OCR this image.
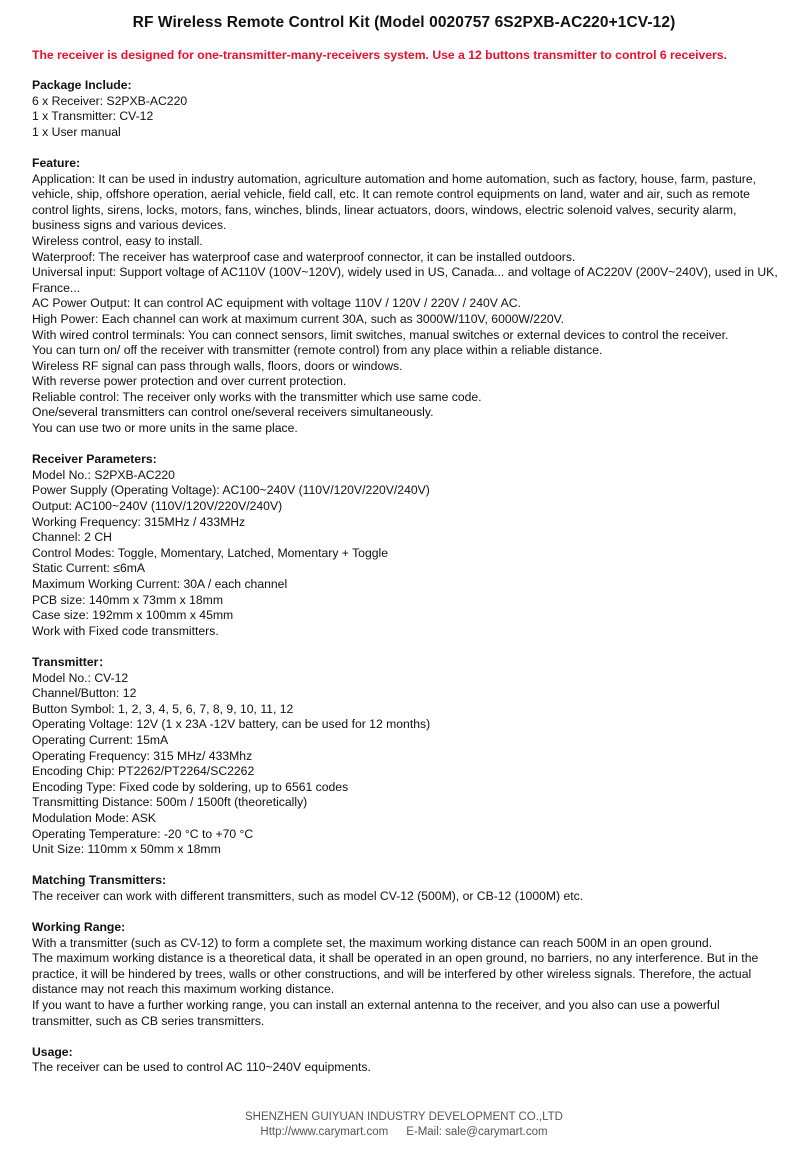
RF Wireless Remote Control Kit (Model 0020757 6S2PXB-AC220+1CV-12)
The receiver is designed for one-transmitter-many-receivers system. Use a 12 buttons transmitter to control 6 receivers.

Package Include:

6 x Receiver: S2PXB-AC220

1 x Transmitter: CV-12

1 x User manual

Feature:

Application: It can be used in industry automation, agriculture automation and home automation, such as factory, house, farm, pasture, vehicle, ship, offshore operation, aerial vehicle, field call, etc. It can remote control equipments on land, water and air, such as remote control lights, sirens, locks, motors, fans, winches, blinds, linear actuators, doors, windows, electric solenoid valves, security alarm, business signs and various devices.

Wireless control, easy to install.

Waterproof: The receiver has waterproof case and waterproof connector, it can be installed outdoors.

Universal input: Support voltage of AC110V (100V~120V), widely used in US, Canada... and voltage of AC220V (200V~240V), used in UK, France...

AC Power Output: It can control AC equipment with voltage 110V / 120V / 220V / 240V AC.

High Power: Each channel can work at maximum current 30A, such as 3000W/110V, 6000W/220V.

With wired control terminals: You can connect sensors, limit switches, manual switches or external devices to control the receiver.

You can turn on/ off the receiver with transmitter (remote control) from any place within a reliable distance.

Wireless RF signal can pass through walls, floors, doors or windows.

With reverse power protection and over current protection.

Reliable control: The receiver only works with the transmitter which use same code.

One/several transmitters can control one/several receivers simultaneously.

You can use two or more units in the same place.

Receiver Parameters:

Model No.: S2PXB-AC220

Power Supply (Operating Voltage): AC100~240V (110V/120V/220V/240V)

Output: AC100~240V (110V/120V/220V/240V)

Working Frequency: 315MHz / 433MHz

Channel: 2 CH

Control Modes: Toggle, Momentary, Latched, Momentary + Toggle

Static Current: ≤6mA

Maximum Working Current: 30A / each channel

PCB size: 140mm x 73mm x 18mm

Case size: 192mm x 100mm x 45mm

Work with Fixed code transmitters.

Transmitter：

Model No.: CV-12

Channel/Button: 12

Button Symbol: 1, 2, 3, 4, 5, 6, 7, 8, 9, 10, 11, 12

Operating Voltage: 12V (1 x 23A -12V battery, can be used for 12 months)

Operating Current: 15mA

Operating Frequency: 315 MHz/ 433Mhz

Encoding Chip: PT2262/PT2264/SC2262

Encoding Type: Fixed code by soldering, up to 6561 codes

Transmitting Distance: 500m / 1500ft (theoretically)

Modulation Mode: ASK

Operating Temperature: -20 °C to +70 °C

Unit Size: 110mm x 50mm x 18mm

Matching Transmitters:

The receiver can work with different transmitters, such as model CV-12 (500M), or CB-12 (1000M) etc.

Working Range:

With a transmitter (such as CV-12) to form a complete set, the maximum working distance can reach 500M in an open ground.

The maximum working distance is a theoretical data, it shall be operated in an open ground, no barriers, no any interference. But in the practice, it will be hindered by trees, walls or other constructions, and will be interfered by other wireless signals. Therefore, the actual distance may not reach this maximum working distance.

If you want to have a further working range, you can install an external antenna to the receiver, and you also can use a powerful transmitter, such as CB series transmitters.

Usage:

The receiver can be used to control AC 110~240V equipments.

SHENZHEN GUIYUAN INDUSTRY DEVELOPMENT CO.,LTD
Http://www.carymart.com E-Mail: sale@carymart.com
